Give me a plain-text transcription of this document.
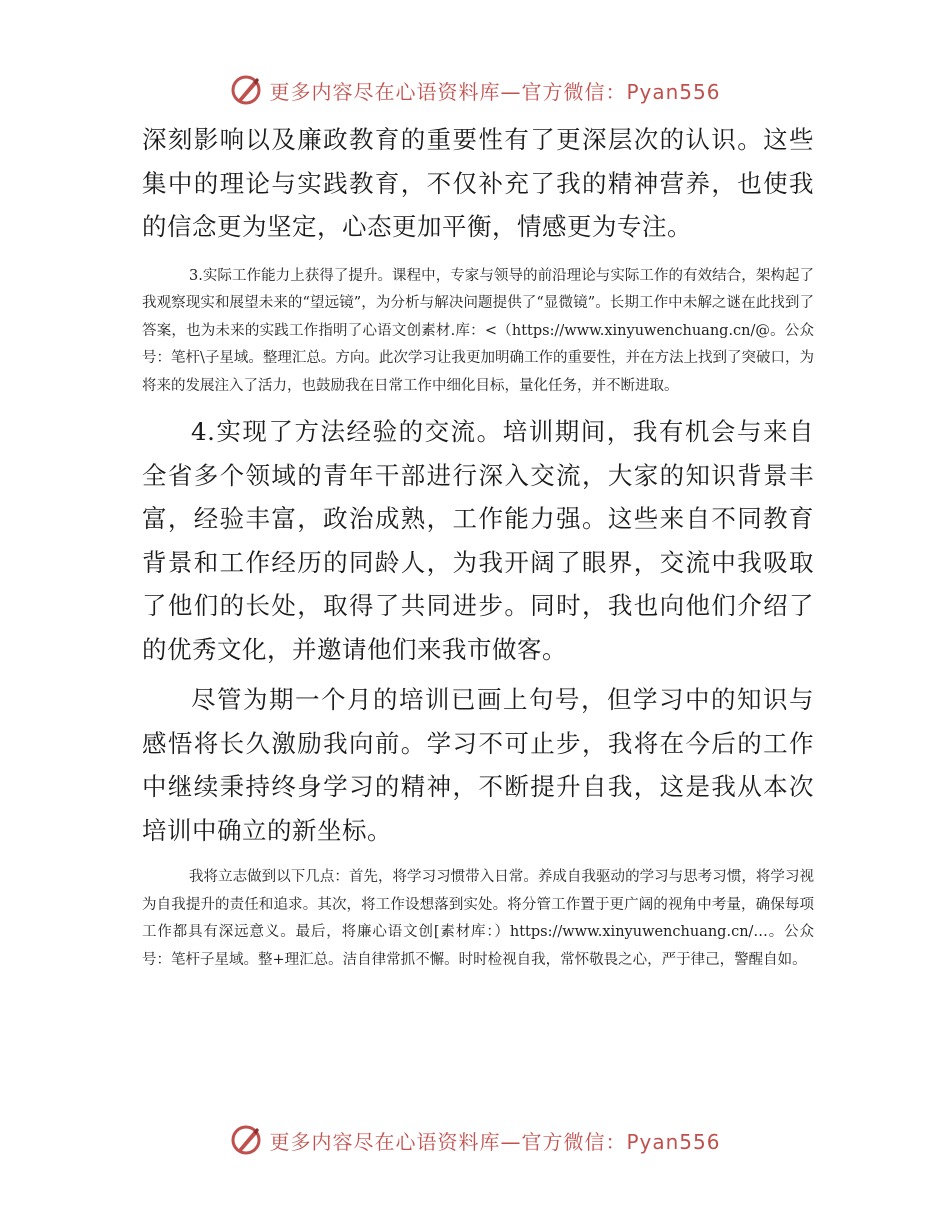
更多内容尽在心语资料库—官方微信：Pyan556

深刻影响以及廉政教育的重要性有了更深层次的认识。这些集中的理论与实践教育，不仅补充了我的精神营养，也使我的信念更为坚定，心态更加平衡，情感更为专注。

3.实际工作能力上获得了提升。课程中，专家与领导的前沿理论与实际工作的有效结合，架构起了我观察现实和展望未来的“望远镜”，为分析与解决问题提供了“显微镜”。长期工作中未解之谜在此找到了答案，也为未来的实践工作指明了心语文创素材.库：<（https://www.xinyuwenchuang.cn/@。公众号：笔杆\子星域。整理汇总。方向。此次学习让我更加明确工作的重要性，并在方法上找到了突破口，为将来的发展注入了活力，也鼓励我在日常工作中细化目标，量化任务，并不断进取。

4.实现了方法经验的交流。培训期间，我有机会与来自全省多个领域的青年干部进行深入交流，大家的知识背景丰富，经验丰富，政治成熟，工作能力强。这些来自不同教育背景和工作经历的同龄人，为我开阔了眼界，交流中我吸取了他们的长处，取得了共同进步。同时，我也向他们介绍了的优秀文化，并邀请他们来我市做客。

尽管为期一个月的培训已画上句号，但学习中的知识与感悟将长久激励我向前。学习不可止步，我将在今后的工作中继续秉持终身学习的精神，不断提升自我，这是我从本次培训中确立的新坐标。

我将立志做到以下几点：首先，将学习习惯带入日常。养成自我驱动的学习与思考习惯，将学习视为自我提升的责任和追求。其次，将工作设想落到实处。将分管工作置于更广阔的视角中考量，确保每项工作都具有深远意义。最后，将廉心语文创[素材库：）https://www.xinyuwenchuang.cn/…。公众号：笔杆子星域。整+理汇总。洁自律常抓不懈。时时检视自我，常怀敬畏之心，严于律己，警醒自如。

更多内容尽在心语资料库—官方微信：Pyan556
